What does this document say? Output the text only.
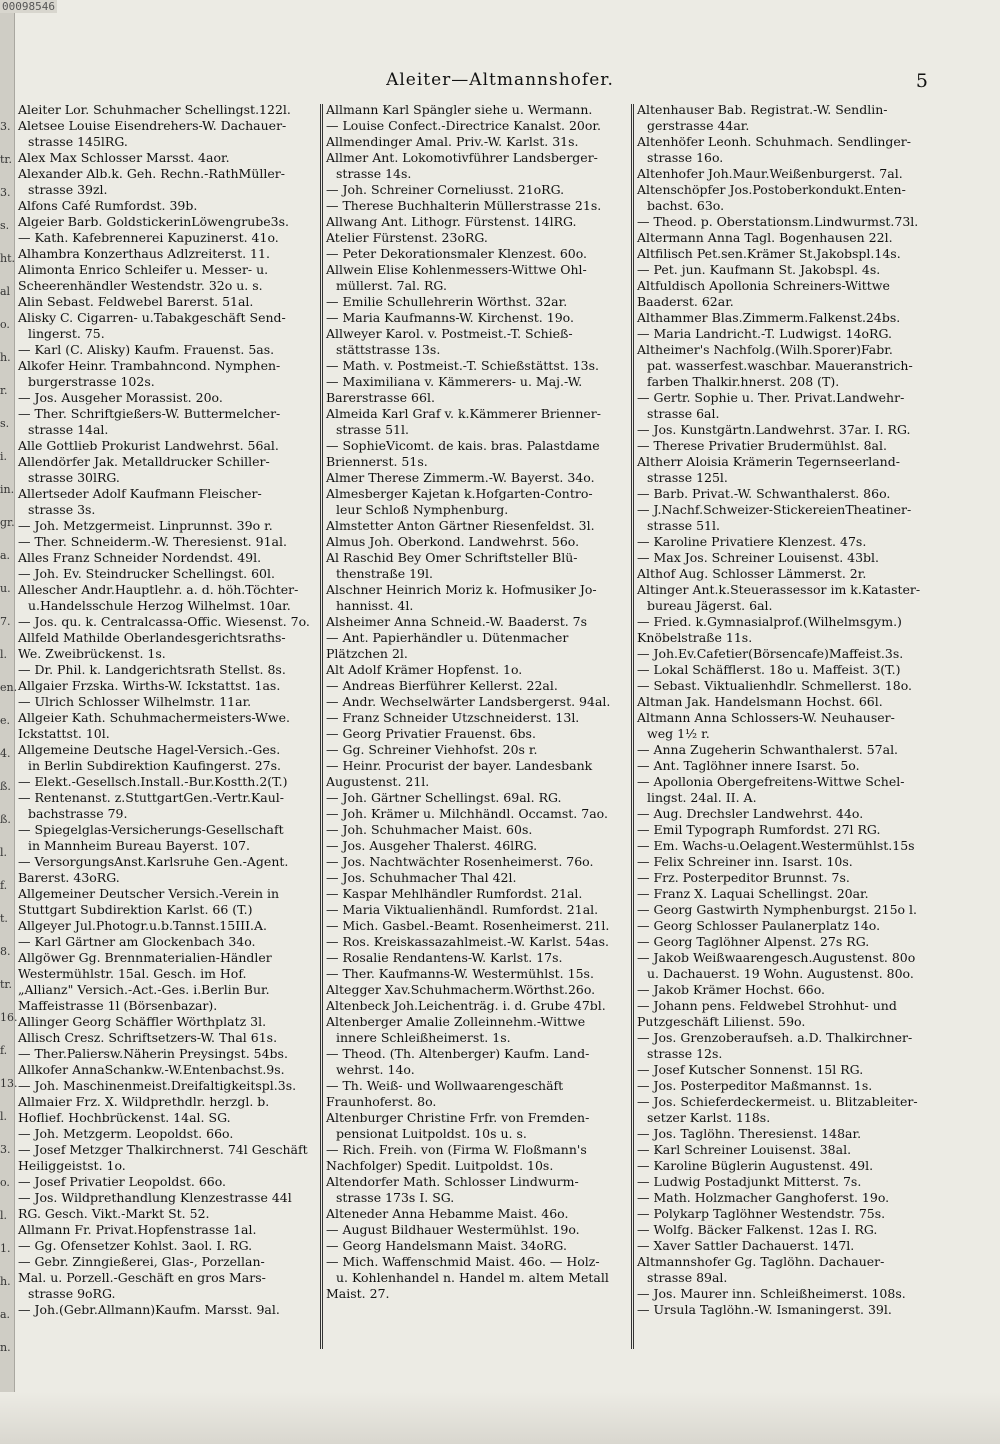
3.
tr.
3.
s.
ht.
al
o.
h.
r.
s.
i.
in.
gr.
a.
u.
7.
l.
en.
e.
4.
ß.
ß.
l.
f.
t.
8.
tr.
16.
f.
13.
l.
3.
o.
l.
1.
h.
a.
n.
00098546
Aleiter—Altmannshofer.	5

Aleiter Lor. Schuhmacher Schellingst.122l.

Aletsee Louise Eisendrehers-W. Dachauer-

strasse 145lRG.

Alex Max Schlosser Marsst. 4aor.

Alexander Alb.k. Geh. Rechn.-RathMüller-

strasse 39zl.

Alfons Café Rumfordst. 39b.

Algeier Barb. GoldstickerinLöwengrube3s.

— Kath. Kafebrennerei Kapuzinerst. 41o.

Alhambra Konzerthaus Adlzreiterst. 11.

Alimonta Enrico Schleifer u. Messer- u.

Scheerenhändler Westendstr. 32o u. s.

Alin Sebast. Feldwebel Barerst. 51al.

Alisky C. Cigarren- u.Tabakgeschäft Send-

lingerst. 75.

— Karl (C. Alisky) Kaufm. Frauenst. 5as.

Alkofer Heinr. Trambahncond. Nymphen-

burgerstrasse 102s.

— Jos. Ausgeher Morassist. 20o.

— Ther. Schriftgießers-W. Buttermelcher-

strasse 14al.

Alle Gottlieb Prokurist Landwehrst. 56al.

Allendörfer Jak. Metalldrucker Schiller-

strasse 30lRG.

Allertseder Adolf Kaufmann Fleischer-

strasse 3s.

— Joh. Metzgermeist. Linprunnst. 39o r.

— Ther. Schneiderm.-W. Theresienst. 91al.

Alles Franz Schneider Nordendst. 49l.

— Joh. Ev. Steindrucker Schellingst. 60l.

Allescher Andr.Hauptlehr. a. d. höh.Töchter-

u.Handelsschule Herzog Wilhelmst. 10ar.

— Jos. qu. k. Centralcassa-Offic. Wiesenst. 7o.

Allfeld Mathilde Oberlandesgerichtsraths-

We. Zweibrückenst. 1s.

— Dr. Phil. k. Landgerichtsrath Stellst. 8s.

Allgaier Frzska. Wirths-W. Ickstattst. 1as.

— Ulrich Schlosser Wilhelmstr. 11ar.

Allgeier Kath. Schuhmachermeisters-Wwe.

Ickstattst. 10l.

Allgemeine Deutsche Hagel-Versich.-Ges.

in Berlin Subdirektion Kaufingerst. 27s.

— Elekt.-Gesellsch.Install.-Bur.Kostth.2(T.)

— Rentenanst. z.StuttgartGen.-Vertr.Kaul-

bachstrasse 79.

— Spiegelglas-Versicherungs-Gesellschaft

in Mannheim Bureau Bayerst. 107.

— VersorgungsAnst.Karlsruhe Gen.-Agent.

Barerst. 43oRG.

Allgemeiner Deutscher Versich.-Verein in

Stuttgart Subdirektion Karlst. 66 (T.)

Allgeyer Jul.Photogr.u.b.Tannst.15III.A.

— Karl Gärtner am Glockenbach 34o.

Allgöwer Gg. Brennmaterialien-Händler

Westermühlstr. 15al. Gesch. im Hof.

„Allianz" Versich.-Act.-Ges. i.Berlin Bur.

Maffeistrasse 1l (Börsenbazar).

Allinger Georg Schäffler Wörthplatz 3l.

Allisch Cresz. Schriftsetzers-W. Thal 61s.

— Ther.Paliersw.Näherin Preysingst. 54bs.

Allkofer AnnaSchankw.-W.Entenbachst.9s.

— Joh. Maschinenmeist.Dreifaltigkeitspl.3s.

Allmaier Frz. X. Wildprethdlr. herzgl. b.

Hoflief. Hochbrückenst. 14al. SG.

— Joh. Metzgerm. Leopoldst. 66o.

— Josef Metzger Thalkirchnerst. 74l Geschäft

Heiliggeistst. 1o.

— Josef Privatier Leopoldst. 66o.

— Jos. Wildprethandlung Klenzestrasse 44l

RG. Gesch. Vikt.-Markt St. 52.

Allmann Fr. Privat.Hopfenstrasse 1al.

— Gg. Ofensetzer Kohlst. 3aol. I. RG.

— Gebr. Zinngießerei, Glas-, Porzellan-

Mal. u. Porzell.-Geschäft en gros Mars-

strasse 9oRG.

— Joh.(Gebr.Allmann)Kaufm. Marsst. 9al.

Allmann Karl Spängler siehe u. Wermann.

— Louise Confect.-Directrice Kanalst. 20or.

Allmendinger Amal. Priv.-W. Karlst. 31s.

Allmer Ant. Lokomotivführer Landsberger-

strasse 14s.

— Joh. Schreiner Corneliusst. 21oRG.

— Therese Buchhalterin Müllerstrasse 21s.

Allwang Ant. Lithogr. Fürstenst. 14lRG.

Atelier Fürstenst. 23oRG.

— Peter Dekorationsmaler Klenzest. 60o.

Allwein Elise Kohlenmessers-Wittwe Ohl-

müllerst. 7al. RG.

— Emilie Schullehrerin Wörthst. 32ar.

— Maria Kaufmanns-W. Kirchenst. 19o.

Allweyer Karol. v. Postmeist.-T. Schieß-

stättstrasse 13s.

— Math. v. Postmeist.-T. Schießstättst. 13s.

— Maximiliana v. Kämmerers- u. Maj.-W.

Barerstrasse 66l.

Almeida Karl Graf v. k.Kämmerer Brienner-

strasse 51l.

— SophieVicomt. de kais. bras. Palastdame

Briennerst. 51s.

Almer Therese Zimmerm.-W. Bayerst. 34o.

Almesberger Kajetan k.Hofgarten-Contro-

leur Schloß Nymphenburg.

Almstetter Anton Gärtner Riesenfeldst. 3l.

Almus Joh. Oberkond. Landwehrst. 56o.

Al Raschid Bey Omer Schriftsteller Blü-

thenstraße 19l.

Alschner Heinrich Moriz k. Hofmusiker Jo-

hannisst. 4l.

Alsheimer Anna Schneid.-W. Baaderst. 7s

— Ant. Papierhändler u. Dütenmacher

Plätzchen 2l.

Alt Adolf Krämer Hopfenst. 1o.

— Andreas Bierführer Kellerst. 22al.

— Andr. Wechselwärter Landsbergerst. 94al.

— Franz Schneider Utzschneiderst. 13l.

— Georg Privatier Frauenst. 6bs.

— Gg. Schreiner Viehhofst. 20s r.

— Heinr. Procurist der bayer. Landesbank

Augustenst. 21l.

— Joh. Gärtner Schellingst. 69al. RG.

— Joh. Krämer u. Milchhändl. Occamst. 7ao.

— Joh. Schuhmacher Maist. 60s.

— Jos. Ausgeher Thalerst. 46lRG.

— Jos. Nachtwächter Rosenheimerst. 76o.

— Jos. Schuhmacher Thal 42l.

— Kaspar Mehlhändler Rumfordst. 21al.

— Maria Viktualienhändl. Rumfordst. 21al.

— Mich. Gasbel.-Beamt. Rosenheimerst. 21l.

— Ros. Kreiskassazahlmeist.-W. Karlst. 54as.

— Rosalie Rendantens-W. Karlst. 17s.

— Ther. Kaufmanns-W. Westermühlst. 15s.

Altegger Xav.Schuhmacherm.Wörthst.26o.

Altenbeck Joh.Leichenträg. i. d. Grube 47bl.

Altenberger Amalie Zolleinnehm.-Wittwe

innere Schleißheimerst. 1s.

— Theod. (Th. Altenberger) Kaufm. Land-

wehrst. 14o.

— Th. Weiß- und Wollwaarengeschäft

Fraunhoferst. 8o.

Altenburger Christine Frfr. von Fremden-

pensionat Luitpoldst. 10s u. s.

— Rich. Freih. von (Firma W. Floßmann's

Nachfolger) Spedit. Luitpoldst. 10s.

Altendorfer Math. Schlosser Lindwurm-

strasse 173s I. SG.

Alteneder Anna Hebamme Maist. 46o.

— August Bildhauer Westermühlst. 19o.

— Georg Handelsmann Maist. 34oRG.

— Mich. Waffenschmid Maist. 46o. — Holz-

u. Kohlenhandel n. Handel m. altem Metall

Maist. 27.

Altenhauser Bab. Registrat.-W. Sendlin-

gerstrasse 44ar.

Altenhöfer Leonh. Schuhmach. Sendlinger-

strasse 16o.

Altenhofer Joh.Maur.Weißenburgerst. 7al.

Altenschöpfer Jos.Postoberkondukt.Enten-

bachst. 63o.

— Theod. p. Oberstationsm.Lindwurmst.73l.

Altermann Anna Tagl. Bogenhausen 22l.

Altfilisch Pet.sen.Krämer St.Jakobspl.14s.

— Pet. jun. Kaufmann St. Jakobspl. 4s.

Altfuldisch Apollonia Schreiners-Wittwe

Baaderst. 62ar.

Althammer Blas.Zimmerm.Falkenst.24bs.

— Maria Landricht.-T. Ludwigst. 14oRG.

Altheimer's Nachfolg.(Wilh.Sporer)Fabr.

pat. wasserfest.waschbar. Maueranstrich-

farben Thalkir.hnerst. 208 (T).

— Gertr. Sophie u. Ther. Privat.Landwehr-

strasse 6al.

— Jos. Kunstgärtn.Landwehrst. 37ar. I. RG.

— Therese Privatier Brudermühlst. 8al.

Altherr Aloisia Krämerin Tegernseerland-

strasse 125l.

— Barb. Privat.-W. Schwanthalerst. 86o.

— J.Nachf.Schweizer-StickereienTheatiner-

strasse 51l.

— Karoline Privatiere Klenzest. 47s.

— Max Jos. Schreiner Louisenst. 43bl.

Althof Aug. Schlosser Lämmerst. 2r.

Altinger Ant.k.Steuerassessor im k.Kataster-

bureau Jägerst. 6al.

— Fried. k.Gymnasialprof.(Wilhelmsgym.)

Knöbelstraße 11s.

— Joh.Ev.Cafetier(Börsencafe)Maffeist.3s.

— Lokal Schäfflerst. 18o u. Maffeist. 3(T.)

— Sebast. Viktualienhdlr. Schmellerst. 18o.

Altman Jak. Handelsmann Hochst. 66l.

Altmann Anna Schlossers-W. Neuhauser-

weg 1½ r.

— Anna Zugeherin Schwanthalerst. 57al.

— Ant. Taglöhner innere Isarst. 5o.

— Apollonia Obergefreitens-Wittwe Schel-

lingst. 24al. II. A.

— Aug. Drechsler Landwehrst. 44o.

— Emil Typograph Rumfordst. 27l RG.

— Em. Wachs-u.Oelagent.Westermühlst.15s

— Felix Schreiner inn. Isarst. 10s.

— Frz. Posterpeditor Brunnst. 7s.

— Franz X. Laquai Schellingst. 20ar.

— Georg Gastwirth Nymphenburgst. 215o l.

— Georg Schlosser Paulanerplatz 14o.

— Georg Taglöhner Alpenst. 27s RG.

— Jakob Weißwaarengesch.Augustenst. 80o

u. Dachauerst. 19 Wohn. Augustenst. 80o.

— Jakob Krämer Hochst. 66o.

— Johann pens. Feldwebel Strohhut- und

Putzgeschäft Lilienst. 59o.

— Jos. Grenzoberaufseh. a.D. Thalkirchner-

strasse 12s.

— Josef Kutscher Sonnenst. 15l RG.

— Jos. Posterpeditor Maßmannst. 1s.

— Jos. Schieferdeckermeist. u. Blitzableiter-

setzer Karlst. 118s.

— Jos. Taglöhn. Theresienst. 148ar.

— Karl Schreiner Louisenst. 38al.

— Karoline Büglerin Augustenst. 49l.

— Ludwig Postadjunkt Mitterst. 7s.

— Math. Holzmacher Ganghoferst. 19o.

— Polykarp Taglöhner Westendstr. 75s.

— Wolfg. Bäcker Falkenst. 12as I. RG.

— Xaver Sattler Dachauerst. 147l.

Altmannshofer Gg. Taglöhn. Dachauer-

strasse 89al.

— Jos. Maurer inn. Schleißheimerst. 108s.

— Ursula Taglöhn.-W. Ismaningerst. 39l.
